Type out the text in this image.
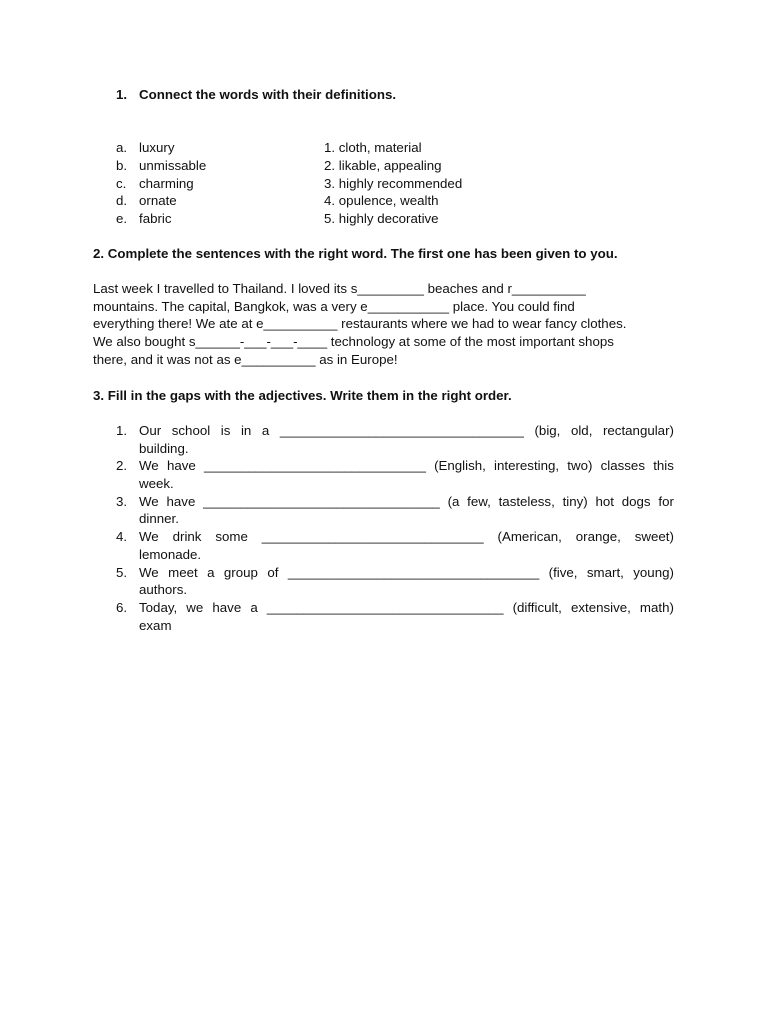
1. Connect the words with their definitions.
a. luxury
b. unmissable
c. charming
d. ornate
e. fabric
1. cloth, material
2. likable, appealing
3. highly recommended
4. opulence, wealth
5. highly decorative
2. Complete the sentences with the right word. The first one has been given to you.
Last week I travelled to Thailand. I loved its s_________ beaches and r__________
mountains. The capital, Bangkok, was a very e___________ place. You could find
everything there! We ate at e__________ restaurants where we had to wear fancy clothes.
We also bought s______-___-___-____ technology at some of the most important shops
there, and it was not as e__________ as in Europe!
3. Fill in the gaps with the adjectives. Write them in the right order.
1. Our school is in a _________________________________ (big, old, rectangular)
building.
2. We have ______________________________ (English, interesting, two) classes this
week.
3. We have ________________________________ (a few, tasteless, tiny) hot dogs for
dinner.
4. We drink some ______________________________ (American, orange, sweet)
lemonade.
5. We meet a group of __________________________________ (five, smart, young)
authors.
6. Today, we have a ________________________________ (difficult, extensive, math)
exam
